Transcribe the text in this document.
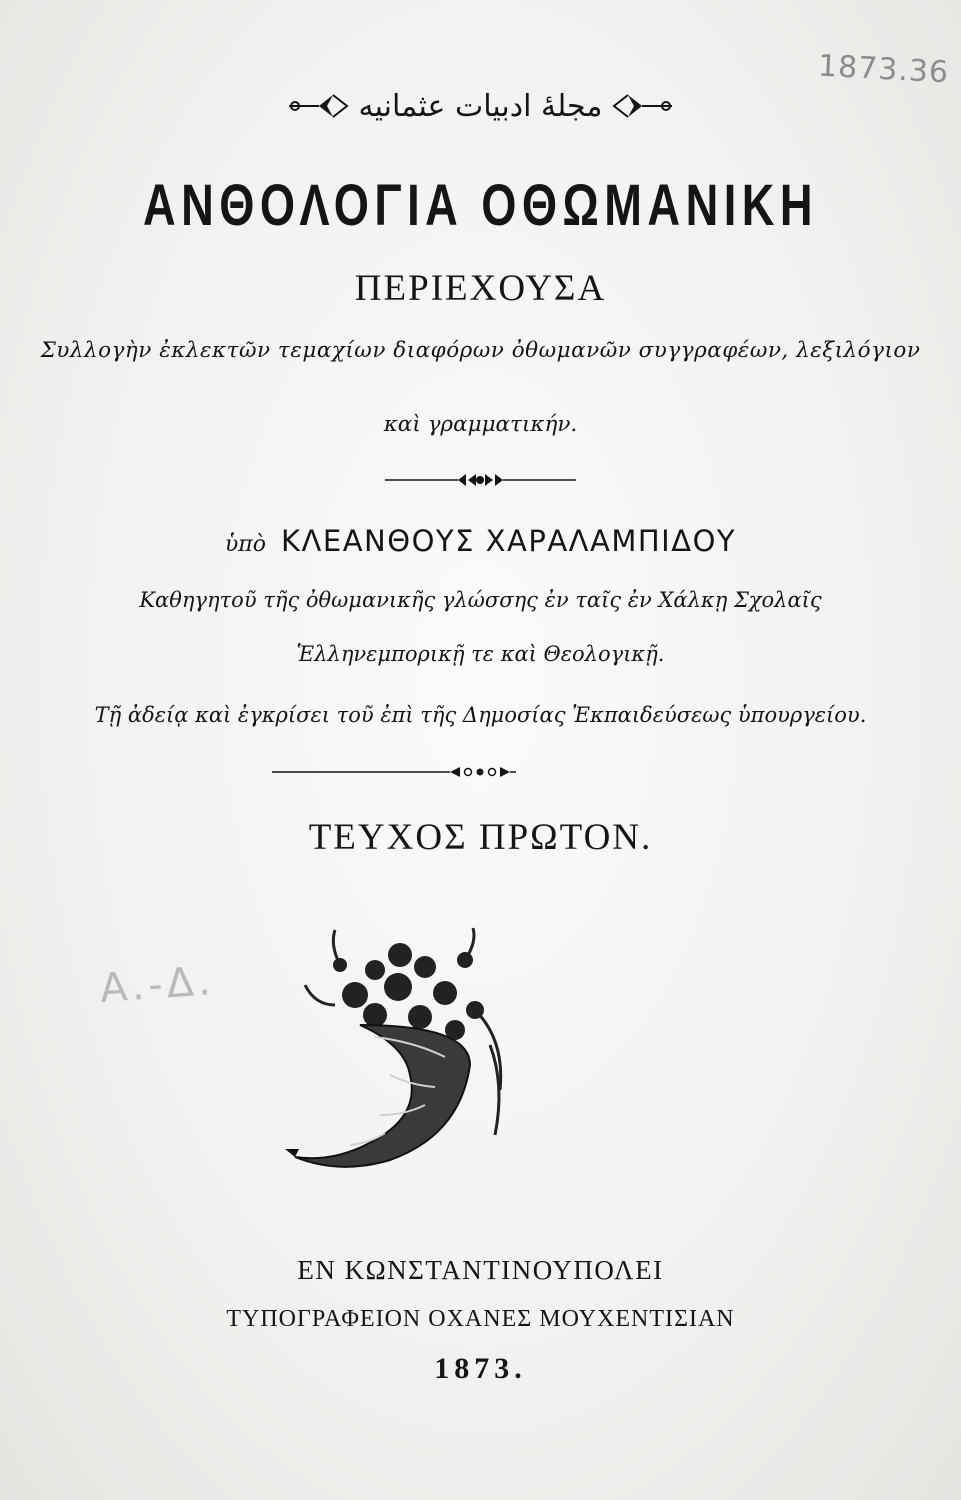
1873.36
مجلهٔ ادبیات عثمانیه
ΑΝΘΟΛΟΓΙΑ ΟΘΩΜΑΝΙΚΗ
ΠΕΡΙΕΧΟΥΣΑ
Συλλογὴν ἐκλεκτῶν τεμαχίων διαφόρων ὀθωμανῶν συγγραφέων, λεξιλόγιον
καὶ γραμματικήν.
ὑπὸ ΚΛΕΑΝΘΟΥΣ ΧΑΡΑΛΑΜΠΙΔΟΥ
Καθηγητοῦ τῆς ὀθωμανικῆς γλώσσης ἐν ταῖς ἐν Χάλκῃ Σχολαῖς
Ἑλληνεμπορικῇ τε καὶ Θεολογικῇ.
Τῇ ἀδείᾳ καὶ ἐγκρίσει τοῦ ἐπὶ τῆς Δημοσίας Ἐκπαιδεύσεως ὑπουργείου.
ΤΕΥΧΟΣ ΠΡΩΤΟΝ.
Α.-Δ.
ΕΝ ΚΩΝΣΤΑΝΤΙΝΟΥΠΟΛΕΙ
ΤΥΠΟΓΡΑΦΕΙΟΝ ΟΧΑΝΕΣ ΜΟΥΧΕΝΤΙΣΙΑΝ
1873.
